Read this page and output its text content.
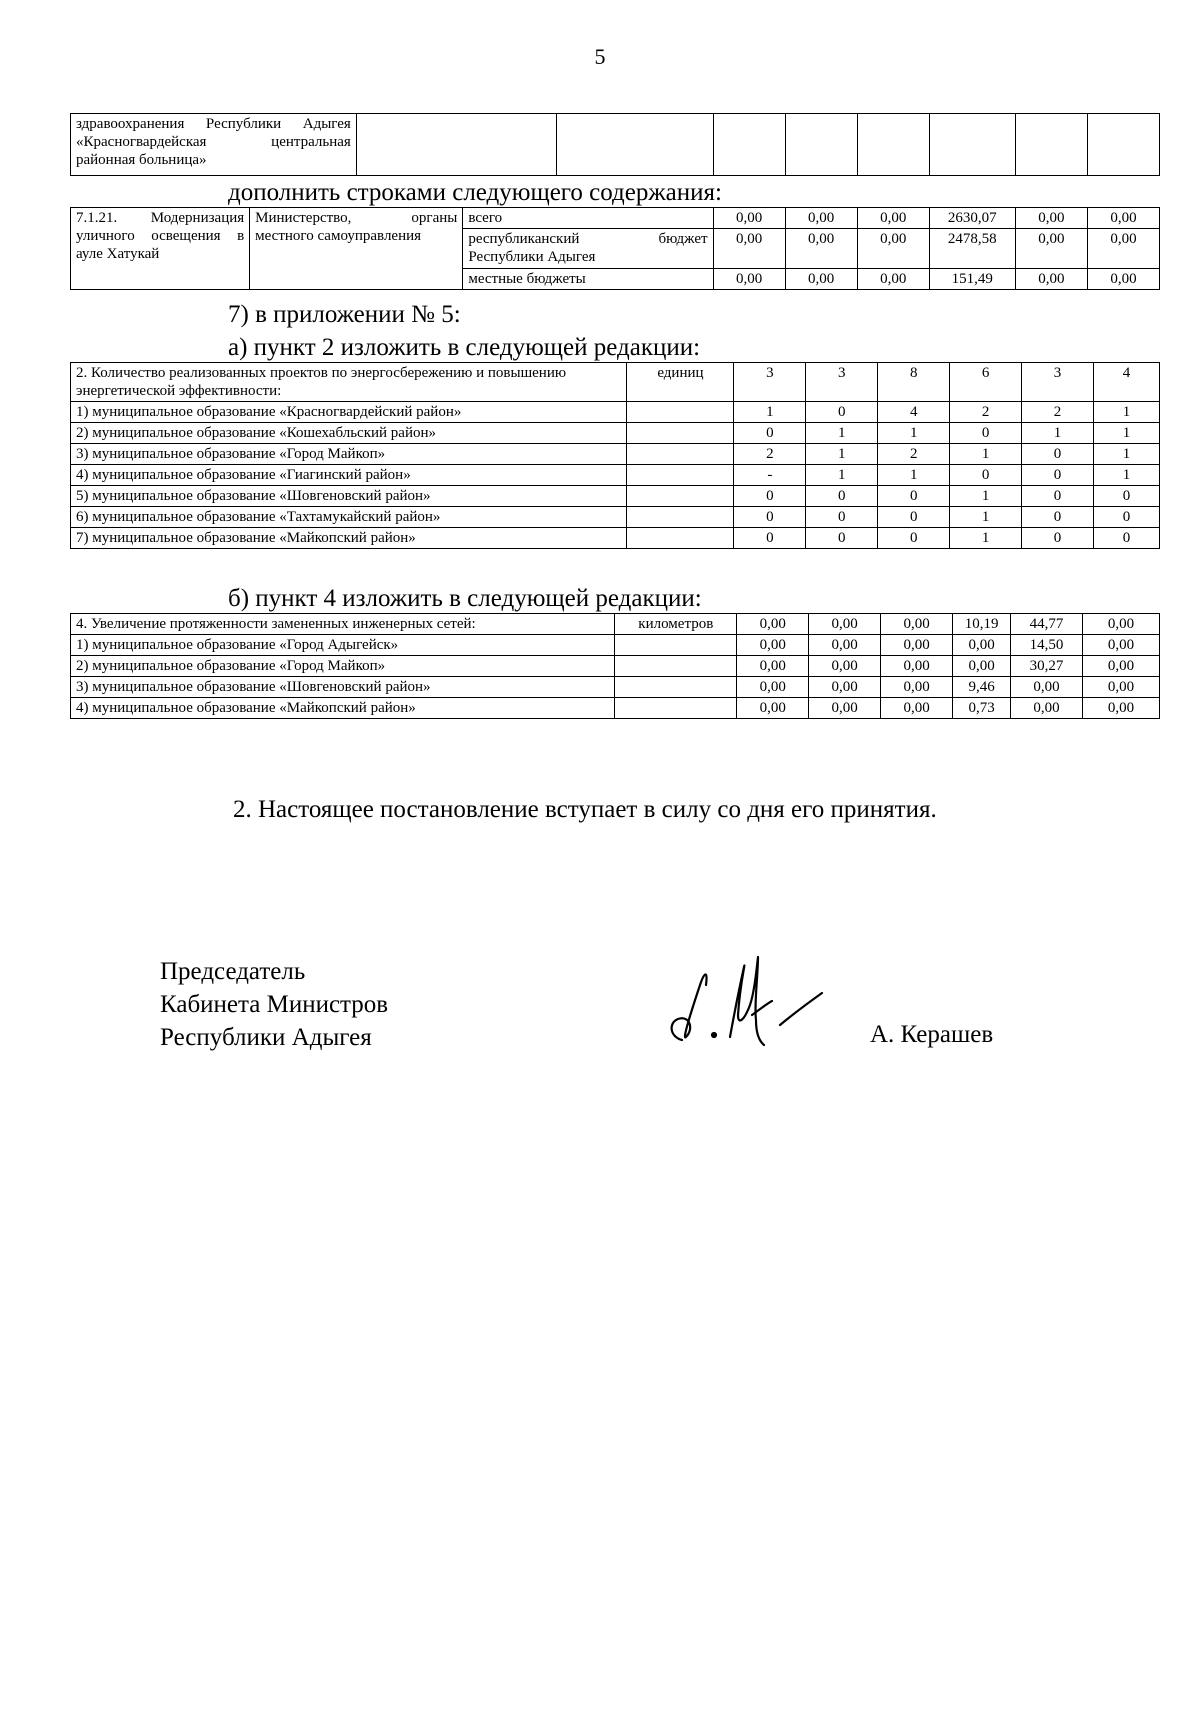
5
здравоохранения Республики Адыгея «Красногвардейская центральная районная больница»								
дополнить строками следующего содержания:
7.1.21. Модернизация уличного освещения в ауле Хатукай	Министерство, органы местного самоуправления	всего	0,00	0,00	0,00	2630,07	0,00	0,00
		республиканский бюджет Республики Адыгея	0,00	0,00	0,00	2478,58	0,00	0,00
		местные бюджеты	0,00	0,00	0,00	151,49	0,00	0,00
7) в приложении № 5:
а) пункт 2 изложить в следующей редакции:
2. Количество реализованных проектов по энергосбережению и повышению энергетической эффективности:	единиц	3	3	8	6	3	4
1) муниципальное образование «Красногвардейский район»		1	0	4	2	2	1
2) муниципальное образование «Кошехабльский район»		0	1	1	0	1	1
3) муниципальное образование «Город Майкоп»		2	1	2	1	0	1
4) муниципальное образование «Гиагинский район»		-	1	1	0	0	1
5) муниципальное образование «Шовгеновский район»		0	0	0	1	0	0
6) муниципальное образование «Тахтамукайский район»		0	0	0	1	0	0
7) муниципальное образование «Майкопский район»		0	0	0	1	0	0
б) пункт 4 изложить в следующей редакции:
4. Увеличение протяженности замененных инженерных сетей:	километров	0,00	0,00	0,00	10,19	44,77	0,00
1) муниципальное образование «Город Адыгейск»		0,00	0,00	0,00	0,00	14,50	0,00
2) муниципальное образование «Город Майкоп»		0,00	0,00	0,00	0,00	30,27	0,00
3) муниципальное образование «Шовгеновский район»		0,00	0,00	0,00	9,46	0,00	0,00
4) муниципальное образование «Майкопский район»		0,00	0,00	0,00	0,73	0,00	0,00
2. Настоящее постановление вступает в силу со дня его принятия.
Председатель
Кабинета Министров
Республики Адыгея	А. Керашев
